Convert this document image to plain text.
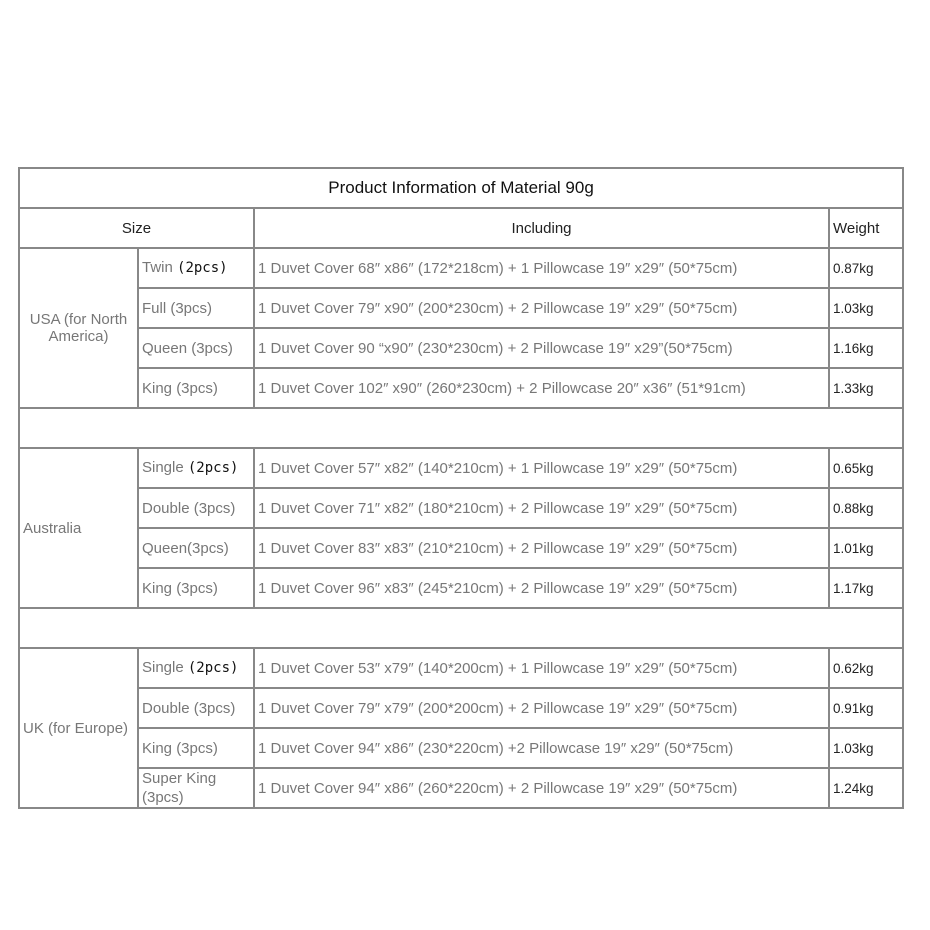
Product Information of Material 90g			
Size		Including	Weight
USA (for North America)	Twin (2pcs)	1 Duvet Cover 68″ x86″ (172*218cm) + 1 Pillowcase 19″ x29″ (50*75cm)	0.87kg
	Full (3pcs)	1 Duvet Cover 79″ x90″ (200*230cm) + 2 Pillowcase 19″ x29″ (50*75cm)	1.03kg
	Queen (3pcs)	1 Duvet Cover 90 “x90″ (230*230cm) + 2 Pillowcase 19″ x29”(50*75cm)	1.16kg
	King (3pcs)	1 Duvet Cover 102″ x90″ (260*230cm) + 2 Pillowcase 20″ x36″ (51*91cm)	1.33kg

Australia	Single (2pcs)	1 Duvet Cover 57″ x82″ (140*210cm) + 1 Pillowcase 19″ x29″ (50*75cm)	0.65kg
	Double (3pcs)	1 Duvet Cover 71″ x82″ (180*210cm) + 2 Pillowcase 19″ x29″ (50*75cm)	0.88kg
	Queen(3pcs)	1 Duvet Cover 83″ x83″ (210*210cm) + 2 Pillowcase 19″ x29″ (50*75cm)	1.01kg
	King (3pcs)	1 Duvet Cover 96″ x83″ (245*210cm) + 2 Pillowcase 19″ x29″ (50*75cm)	1.17kg

UK (for Europe)	Single (2pcs)	1 Duvet Cover 53″ x79″ (140*200cm) + 1 Pillowcase 19″ x29″ (50*75cm)	0.62kg
	Double (3pcs)	1 Duvet Cover 79″ x79″ (200*200cm) + 2 Pillowcase 19″ x29″ (50*75cm)	0.91kg
	King (3pcs)	1 Duvet Cover 94″ x86″ (230*220cm) +2 Pillowcase 19″ x29″ (50*75cm)	1.03kg
	Super King (3pcs)	1 Duvet Cover 94″ x86″ (260*220cm) + 2 Pillowcase 19″ x29″ (50*75cm)	1.24kg
